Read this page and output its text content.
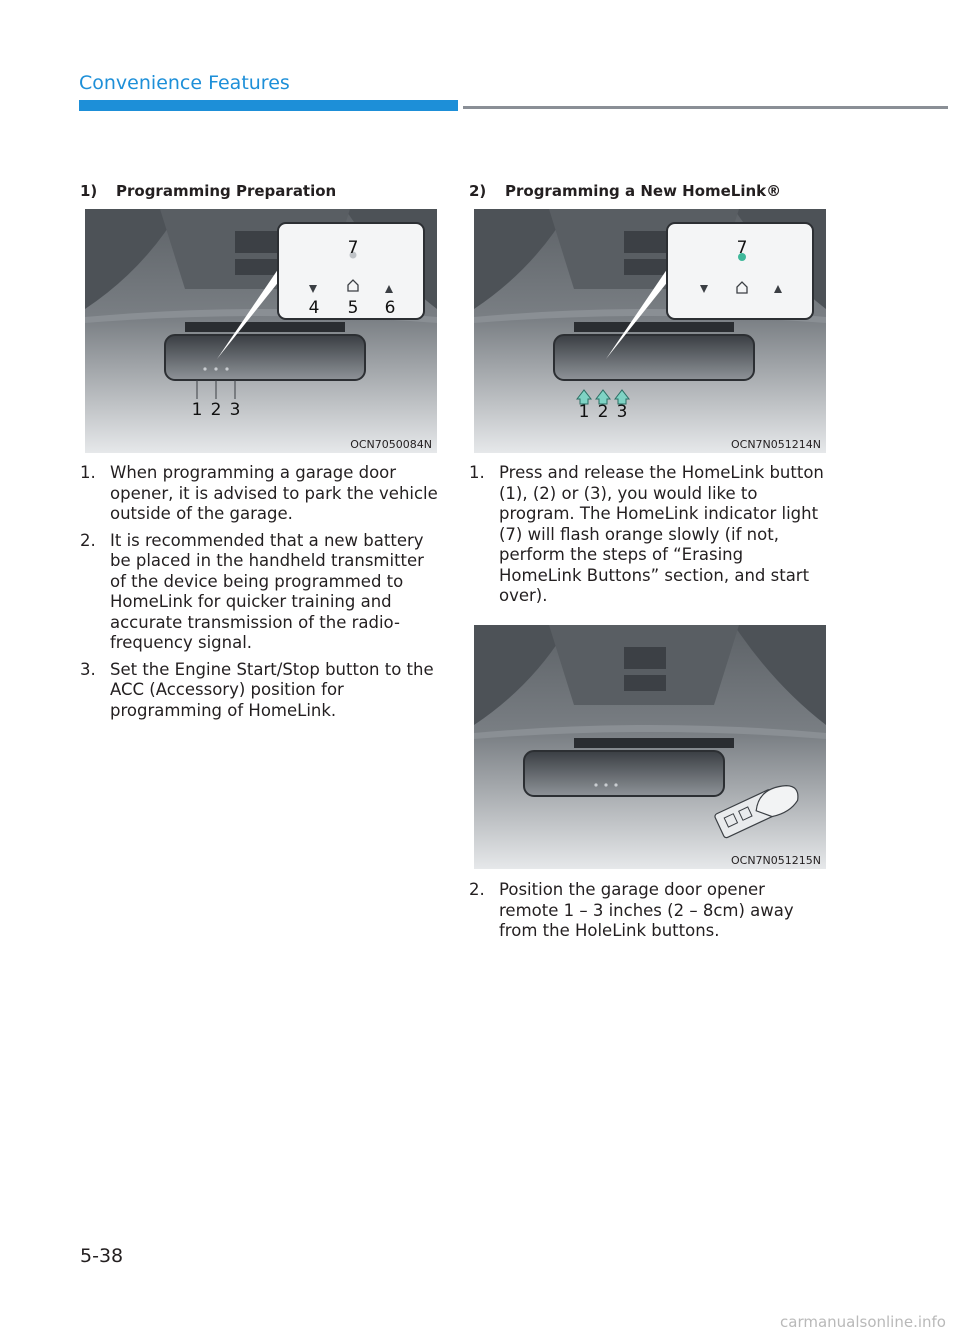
Convenience Features
1) Programming Preparation
7
4 5 6
1 2 3
OCN7050084N
1. When programming a garage door opener, it is advised to park the vehicle outside of the garage.
2. It is recommended that a new battery be placed in the handheld transmitter of the device being programmed to HomeLink for quicker training and accurate transmission of the radio-frequency signal.
3. Set the Engine Start/Stop button to the ACC (Accessory) position for programming of HomeLink.
2) Programming a New HomeLink®
7
1 2 3
OCN7N051214N
1. Press and release the HomeLink button (1), (2) or (3), you would like to program. The HomeLink indicator light (7) will flash orange slowly (if not, perform the steps of “Erasing HomeLink Buttons” section, and start over).
OCN7N051215N
2. Position the garage door opener remote 1 – 3 inches (2 – 8cm) away from the HoleLink buttons.
5-38
carmanualsonline.info
